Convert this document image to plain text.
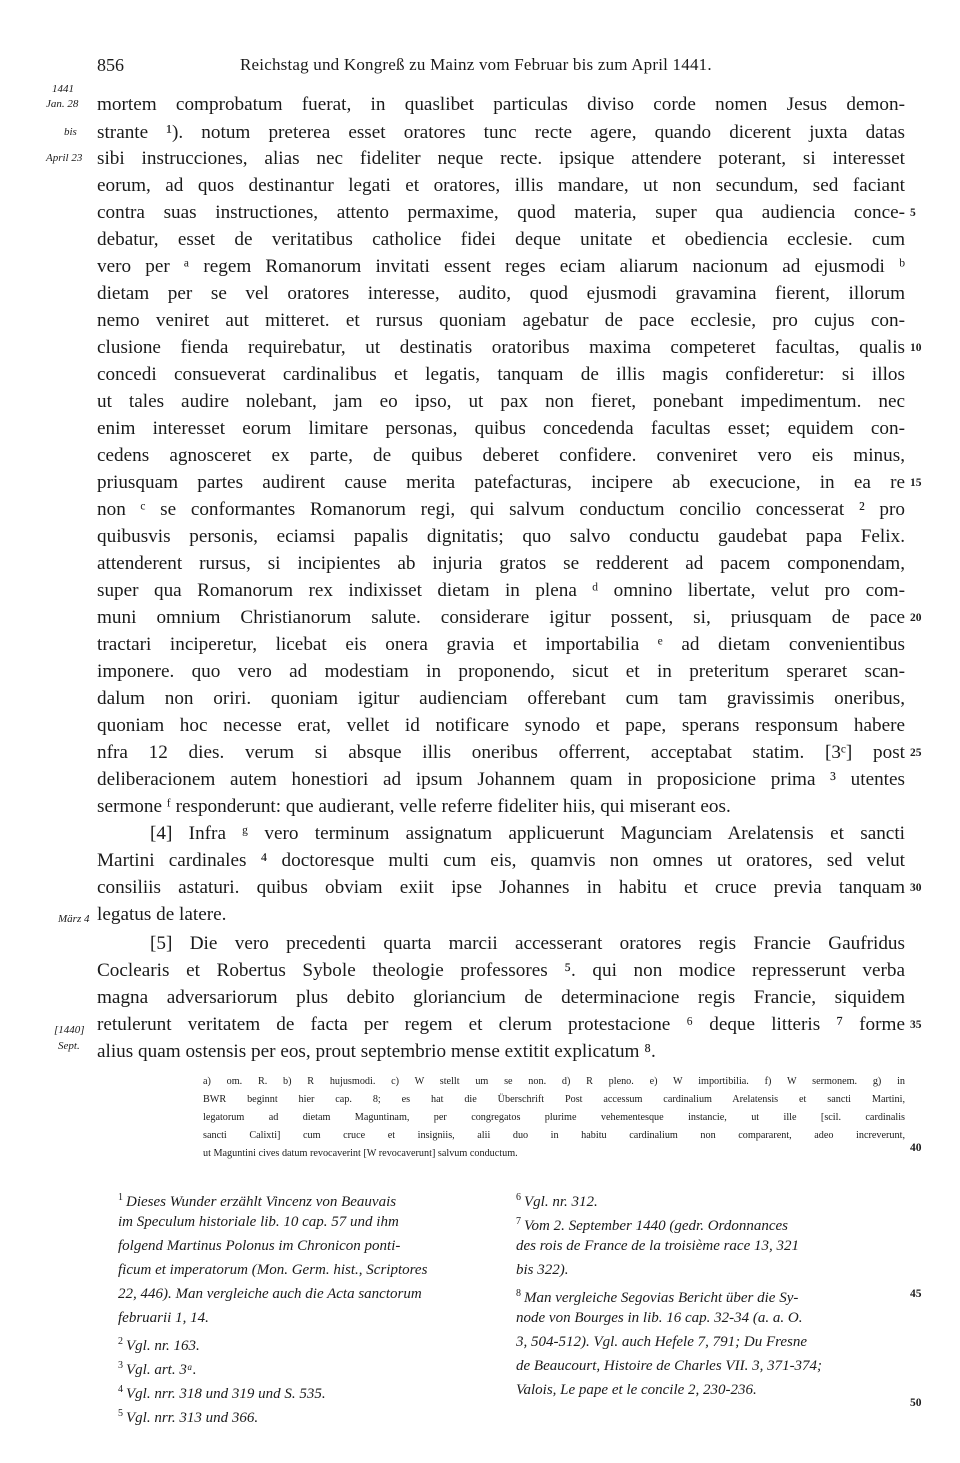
856	Reichstag und Kongreß zu Mainz vom Februar bis zum April 1441.
1441
Jan. 28
bis
April 23
März 4
[1440]
Sept.
mortem comprobatum fuerat, in quaslibet particulas diviso corde nomen Jesus demon-
strante ¹). notum preterea esset oratores tunc recte agere, quando dicerent juxta datas
sibi instrucciones, alias nec fideliter neque recte. ipsique attendere poterant, si interesset
eorum, ad quos destinantur legati et oratores, illis mandare, ut non secundum, sed faciant
contra suas instructiones, attento permaxime, quod materia, super qua audiencia conce-
debatur, esset de veritatibus catholice fidei deque unitate et obediencia ecclesie. cum
vero per ᵃ regem Romanorum invitati essent reges eciam aliarum nacionum ad ejusmodi ᵇ
dietam per se vel oratores interesse, audito, quod ejusmodi gravamina fierent, illorum
nemo veniret aut mitteret. et rursus quoniam agebatur de pace ecclesie, pro cujus con-
clusione fienda requirebatur, ut destinatis oratoribus maxima competeret facultas, qualis
concedi consueverat cardinalibus et legatis, tanquam de illis magis confideretur: si illos
ut tales audire nolebant, jam eo ipso, ut pax non fieret, ponebant impedimentum. nec
enim interesset eorum limitare personas, quibus concedenda facultas esset; equidem con-
cedens agnosceret ex parte, de quibus deberet confidere. conveniret vero eis minus,
priusquam partes audirent cause merita patefacturas, incipere ab execucione, in ea re
non ᶜ se conformantes Romanorum regi, qui salvum conductum concilio concesserat ² pro
quibusvis personis, eciamsi papalis dignitatis; quo salvo conductu gaudebat papa Felix.
attenderent rursus, si incipientes ab injuria gratos se redderent ad pacem componendam,
super qua Romanorum rex indixisset dietam in plena ᵈ omnino libertate, velut pro com-
muni omnium Christianorum salute. considerare igitur possent, si, priusquam de pace
tractari inciperetur, licebat eis onera gravia et importabilia ᵉ ad dietam convenientibus
imponere. quo vero ad modestiam in proponendo, sicut et in preteritum speraret scan-
dalum non oriri. quoniam igitur audienciam offerebant cum tam gravissimis oneribus,
quoniam hoc necesse erat, vellet id notificare synodo et pape, sperans responsum habere
nfra 12 dies. verum si absque illis oneribus offerrent, acceptabat statim. [3ᶜ] post
deliberacionem autem honestiori ad ipsum Johannem quam in proposicione prima ³ utentes
sermone ᶠ responderunt: que audierant, velle referre fideliter hiis, qui miserant eos.
[4] Infra ᵍ vero terminum assignatum applicuerunt Magunciam Arelatensis et sancti
Martini cardinales ⁴ doctoresque multi cum eis, quamvis non omnes ut oratores, sed velut
consiliis astaturi. quibus obviam exiit ipse Johannes in habitu et cruce previa tanquam
legatus de latere.
[5] Die vero precedenti quarta marcii accesserant oratores regis Francie Gaufridus
Coclearis et Robertus Sybole theologie professores ⁵. qui non modice represserunt verba
magna adversariorum plus debito gloriancium de determinacione regis Francie, siquidem
retulerunt veritatem de facta per regem et clerum protestacione ⁶ deque litteris ⁷ forme
alius quam ostensis per eos, prout septembrio mense extitit explicatum ⁸.
5
10
15
20
25
30
35
40
45
50
a) om. R. b) R hujusmodi. c) W stellt um se non. d) R pleno. e) W importibilia. f) W sermonem. g) in
BWR beginnt hier cap. 8; es hat die Überschrift Post accessum cardinalium Arelatensis et sancti Martini,
legatorum ad dietam Maguntinam, per congregatos plurime vehementesque instancie, ut ille [scil. cardinalis
sancti Calixti] cum cruce et insigniis, alii duo in habitu cardinalium non compararent, adeo increverunt,
ut Maguntini cives datum revocaverint [W revocaverunt] salvum conductum.
$^1$ Dieses Wunder erzählt Vincenz von Beauvais
im Speculum historiale lib. 10 cap. 57 und ihm
folgend Martinus Polonus im Chronicon ponti-
ficum et imperatorum (Mon. Germ. hist., Scriptores
22, 446). Man vergleiche auch die Acta sanctorum
februarii 1, 14.
$^2$ Vgl. nr. 163.
$^3$ Vgl. art. 3ᵃ.
$^4$ Vgl. nrr. 318 und 319 und S. 535.
$^5$ Vgl. nrr. 313 und 366.
$^6$ Vgl. nr. 312.
$^7$ Vom 2. September 1440 (gedr. Ordonnances
des rois de France de la troisième race 13, 321
bis 322).
$^8$ Man vergleiche Segovias Bericht über die Sy-
node von Bourges in lib. 16 cap. 32-34 (a. a. O.
3, 504-512). Vgl. auch Hefele 7, 791; Du Fresne
de Beaucourt, Histoire de Charles VII. 3, 371-374;
Valois, Le pape et le concile 2, 230-236.
